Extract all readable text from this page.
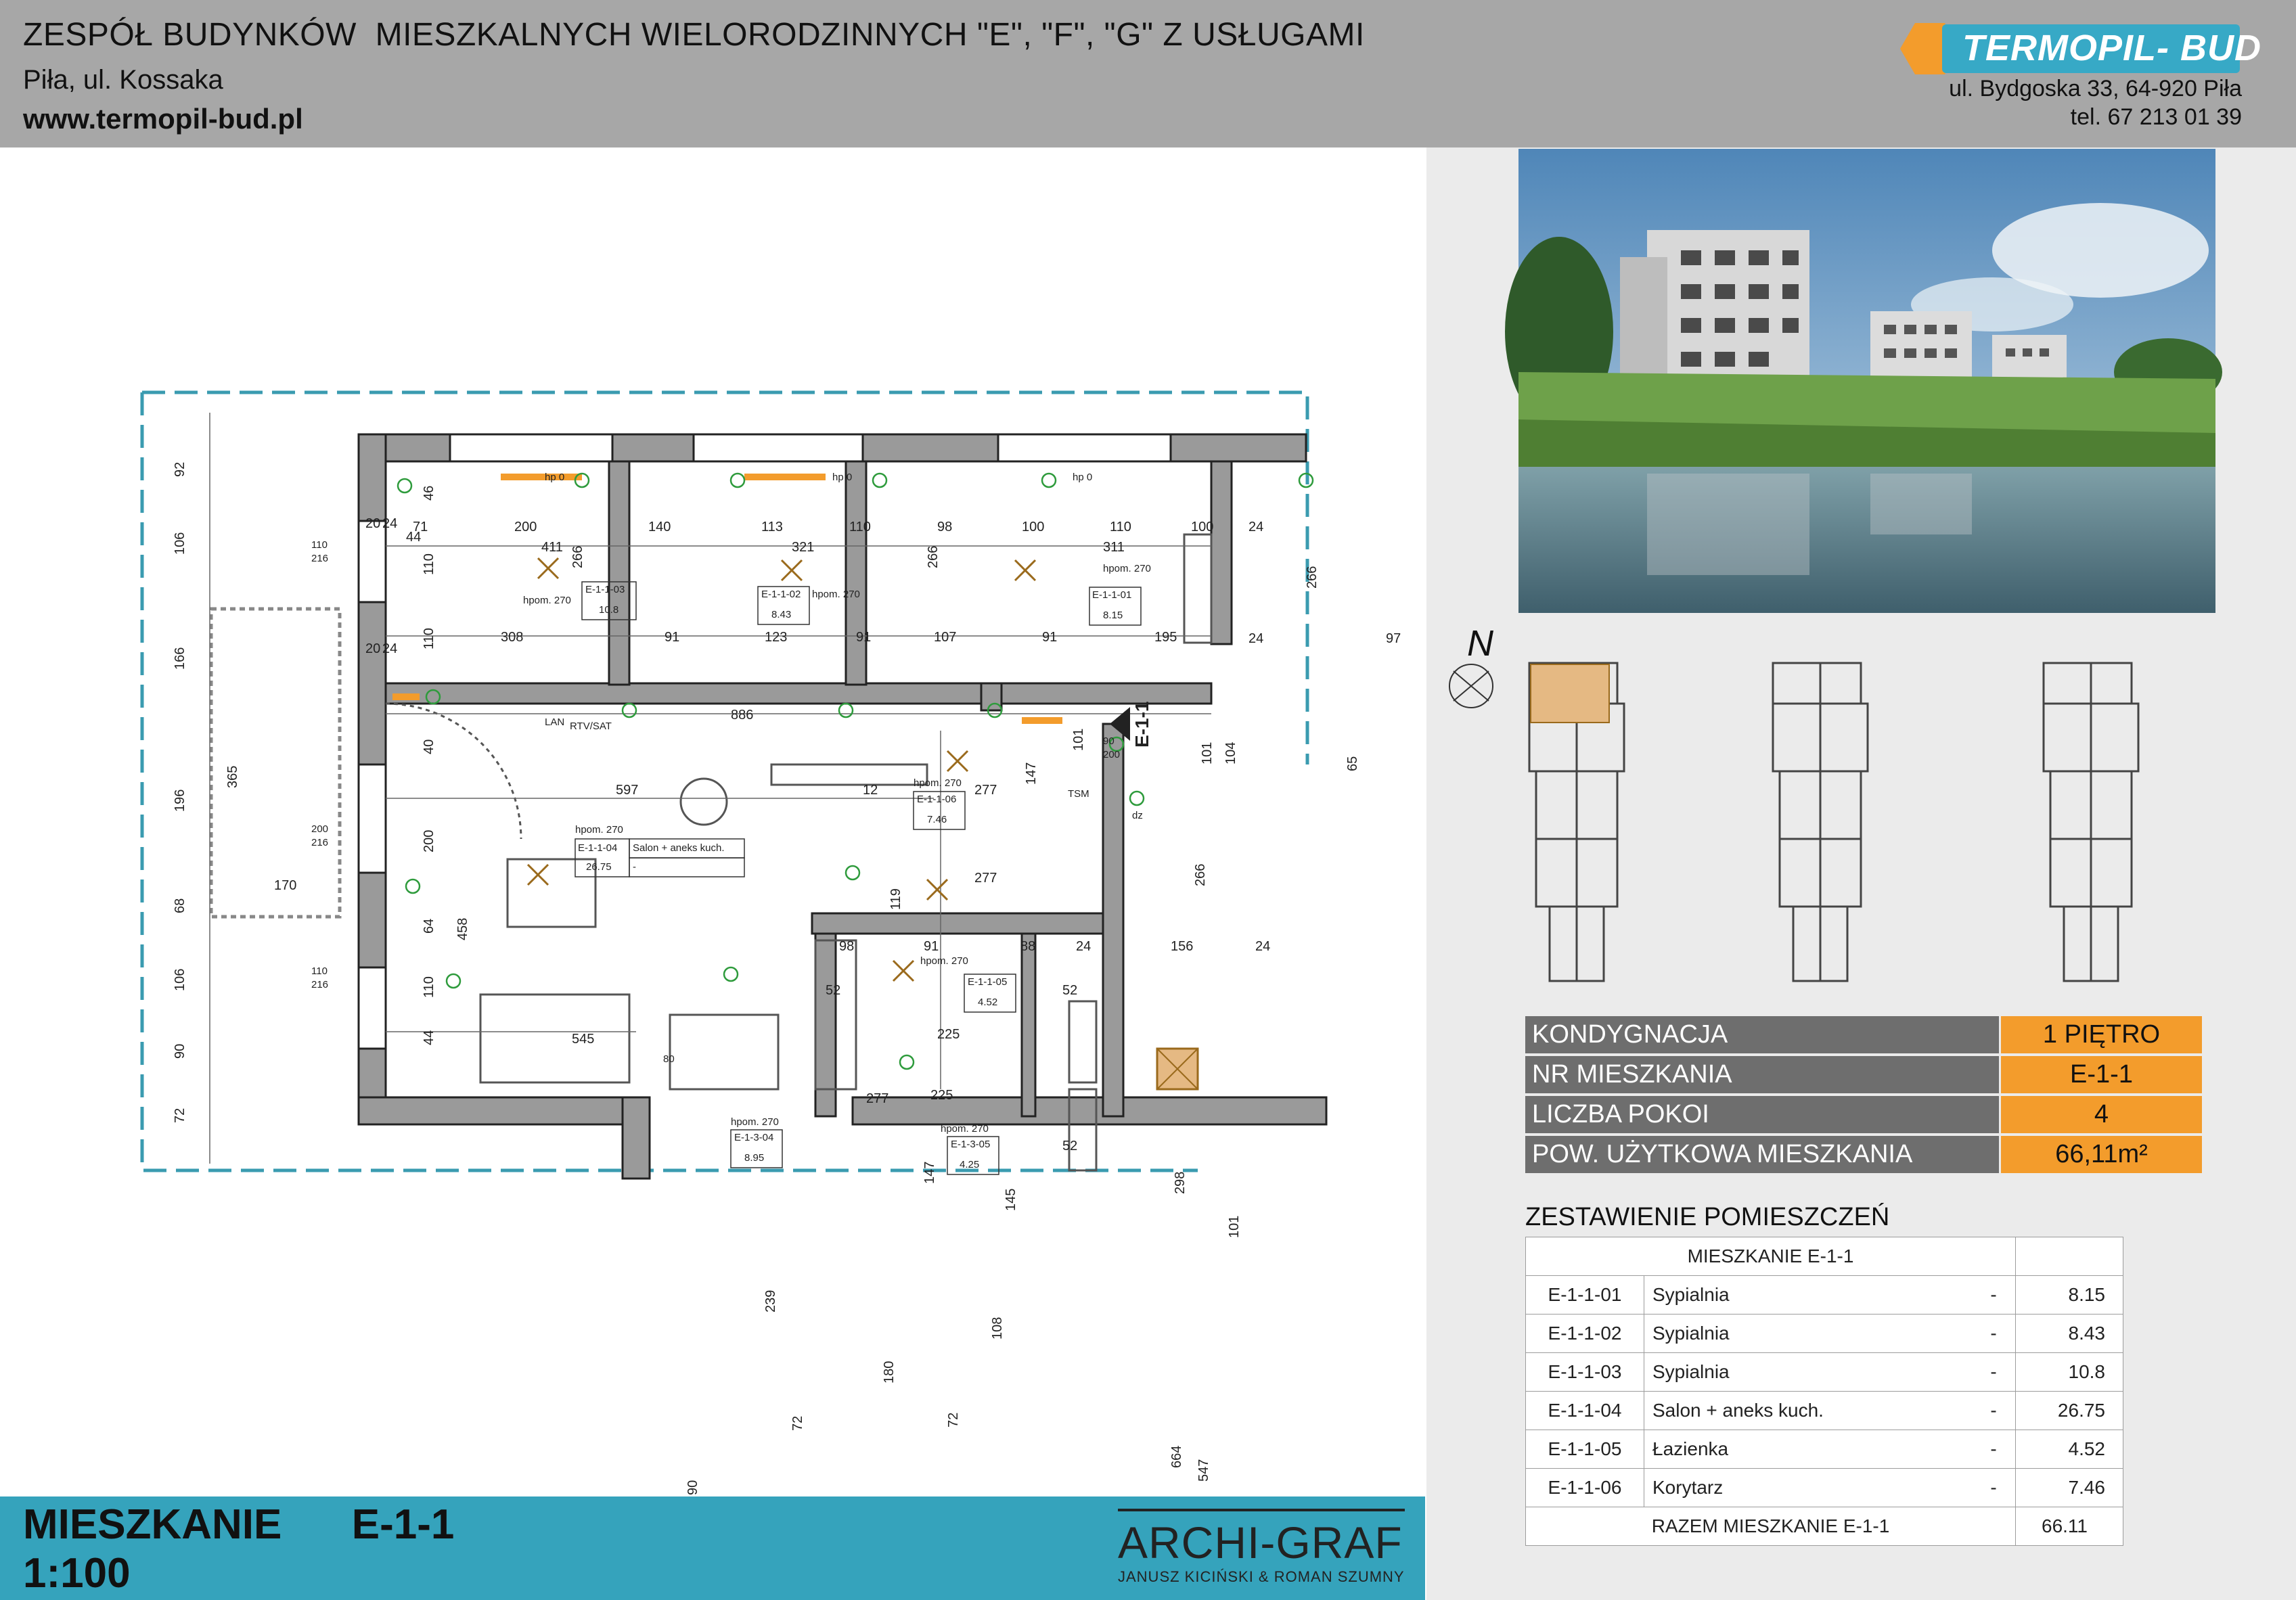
ZESPÓŁ BUDYNKÓW  MIESZKALNYCH WIELORODZINNYCH "E", "F", "G" Z USŁUGAMI
Piła, ul. Kossaka
www.termopil-bud.pl
TERMOPIL- BUD
ul. Bydgoska 33, 64-920 Piła
tel. 67 213 01 39
N
KONDYGNACJA	1 PIĘTRO
NR MIESZKANIA	E-1-1
LICZBA POKOI	4
POW. UŻYTKOWA MIESZKANIA	66,11m²
ZESTAWIENIE POMIESZCZEŃ
MIESZKANIE E-1-1			
E-1-1-01	Sypialnia	-	8.15
E-1-1-02	Sypialnia	-	8.43
E-1-1-03	Sypialnia	-	10.8
E-1-1-04	Salon + aneks kuch.	-	26.75
E-1-1-05	Łazienka	-	4.52
E-1-1-06	Korytarz	-	7.46
RAZEM MIESZKANIE E-1-1			66.11
E-1-1
hpom. 270
E-1-1-03
10.8
E-1-1-02 hpom. 270
8.43
hpom. 270
E-1-1-01
8.15
hpom. 270
E-1-1-06
7.46
hpom. 270
E-1-1-04
26.75
Salon + aneks kuch.
-
hpom. 270
E-1-1-05
4.52
hpom. 270
E-1-3-04
8.95
hpom. 270
E-1-3-05
4.25
LAN RTV/SAT
hp 0	hp 0	hp 0
TSM
dz
200
216
110
216
110
216
90
200
80
200	140	113	110	98	100	110	100
71
411	321	311
308	91	123	91	107	91	195
886
597	12	277
277
545
170
277
225
225
98	91	88	24	156
52	52
52
97
20 24
20 24
24
24
24
44
92
106
166
196
68
106
90
72
365
46
110
110
40
200
64 458
110
44
266	266
266
298
147
147
119
266
101
101
101
104	65
239
180
145
108
72
72
547
664
90
MIESZKANIE E-1-1
1:100
ARCHI-GRAF
JANUSZ KICIŃSKI & ROMAN SZUMNY
